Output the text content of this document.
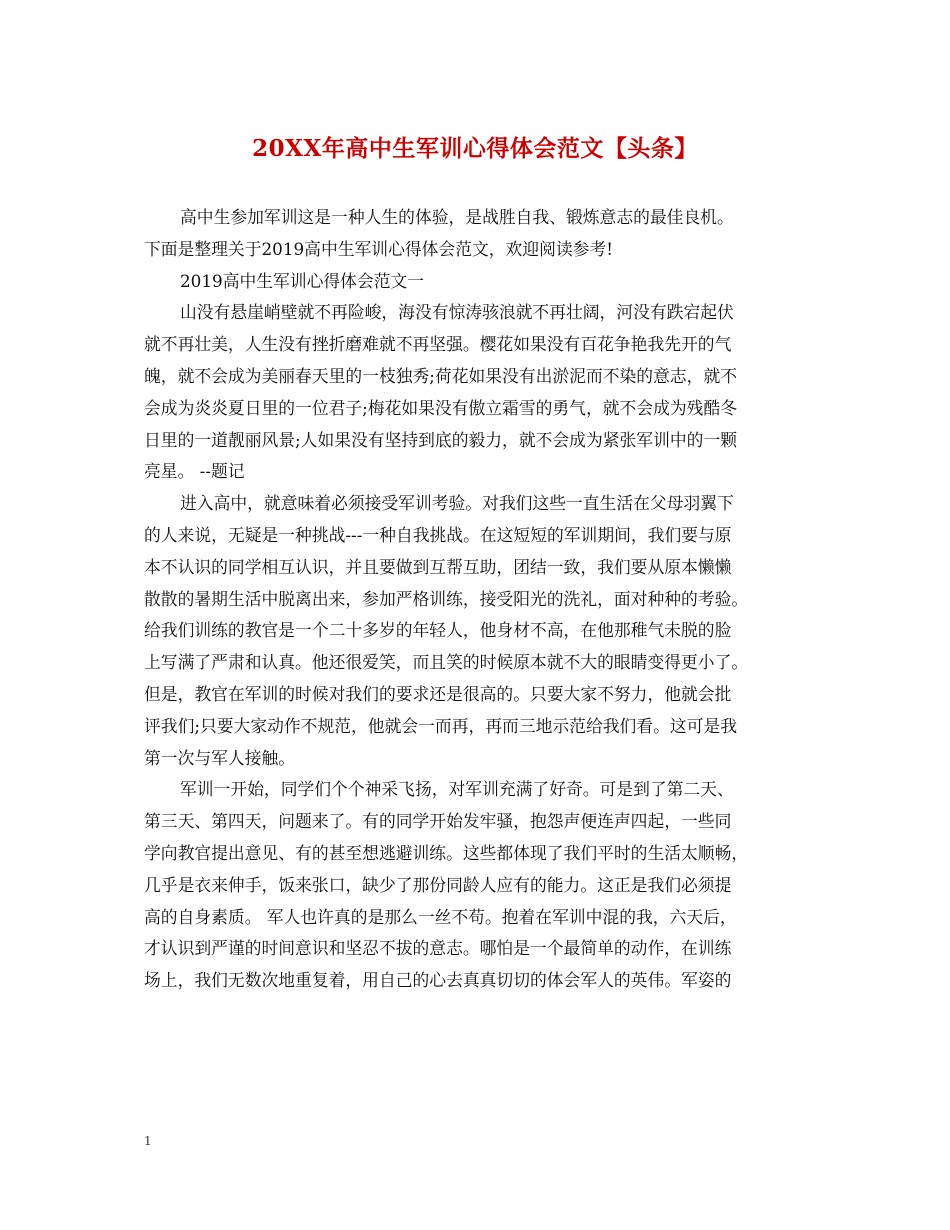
20XX年高中生军训心得体会范文【头条】
高中生参加军训这是一种人生的体验，是战胜自我、锻炼意志的最佳良机。
下面是整理关于2019高中生军训心得体会范文，欢迎阅读参考!
2019高中生军训心得体会范文一
山没有悬崖峭壁就不再险峻，海没有惊涛骇浪就不再壮阔，河没有跌宕起伏
就不再壮美，人生没有挫折磨难就不再坚强。樱花如果没有百花争艳我先开的气
魄，就不会成为美丽春天里的一枝独秀;荷花如果没有出淤泥而不染的意志，就不
会成为炎炎夏日里的一位君子;梅花如果没有傲立霜雪的勇气，就不会成为残酷冬
日里的一道靓丽风景;人如果没有坚持到底的毅力，就不会成为紧张军训中的一颗
亮星。 --题记
进入高中，就意味着必须接受军训考验。对我们这些一直生活在父母羽翼下
的人来说，无疑是一种挑战---一种自我挑战。在这短短的军训期间，我们要与原
本不认识的同学相互认识，并且要做到互帮互助，团结一致，我们要从原本懒懒
散散的暑期生活中脱离出来，参加严格训练，接受阳光的洗礼，面对种种的考验。
给我们训练的教官是一个二十多岁的年轻人，他身材不高，在他那稚气未脱的脸
上写满了严肃和认真。他还很爱笑，而且笑的时候原本就不大的眼睛变得更小了。
但是，教官在军训的时候对我们的要求还是很高的。只要大家不努力，他就会批
评我们;只要大家动作不规范，他就会一而再，再而三地示范给我们看。这可是我
第一次与军人接触。
军训一开始，同学们个个神采飞扬，对军训充满了好奇。可是到了第二天、
第三天、第四天，问题来了。有的同学开始发牢骚，抱怨声便连声四起，一些同
学向教官提出意见、有的甚至想逃避训练。这些都体现了我们平时的生活太顺畅，
几乎是衣来伸手，饭来张口，缺少了那份同龄人应有的能力。这正是我们必须提
高的自身素质。 军人也许真的是那么一丝不苟。抱着在军训中混的我，六天后，
才认识到严谨的时间意识和坚忍不拔的意志。哪怕是一个最简单的动作，在训练
场上，我们无数次地重复着，用自己的心去真真切切的体会军人的英伟。军姿的
1
